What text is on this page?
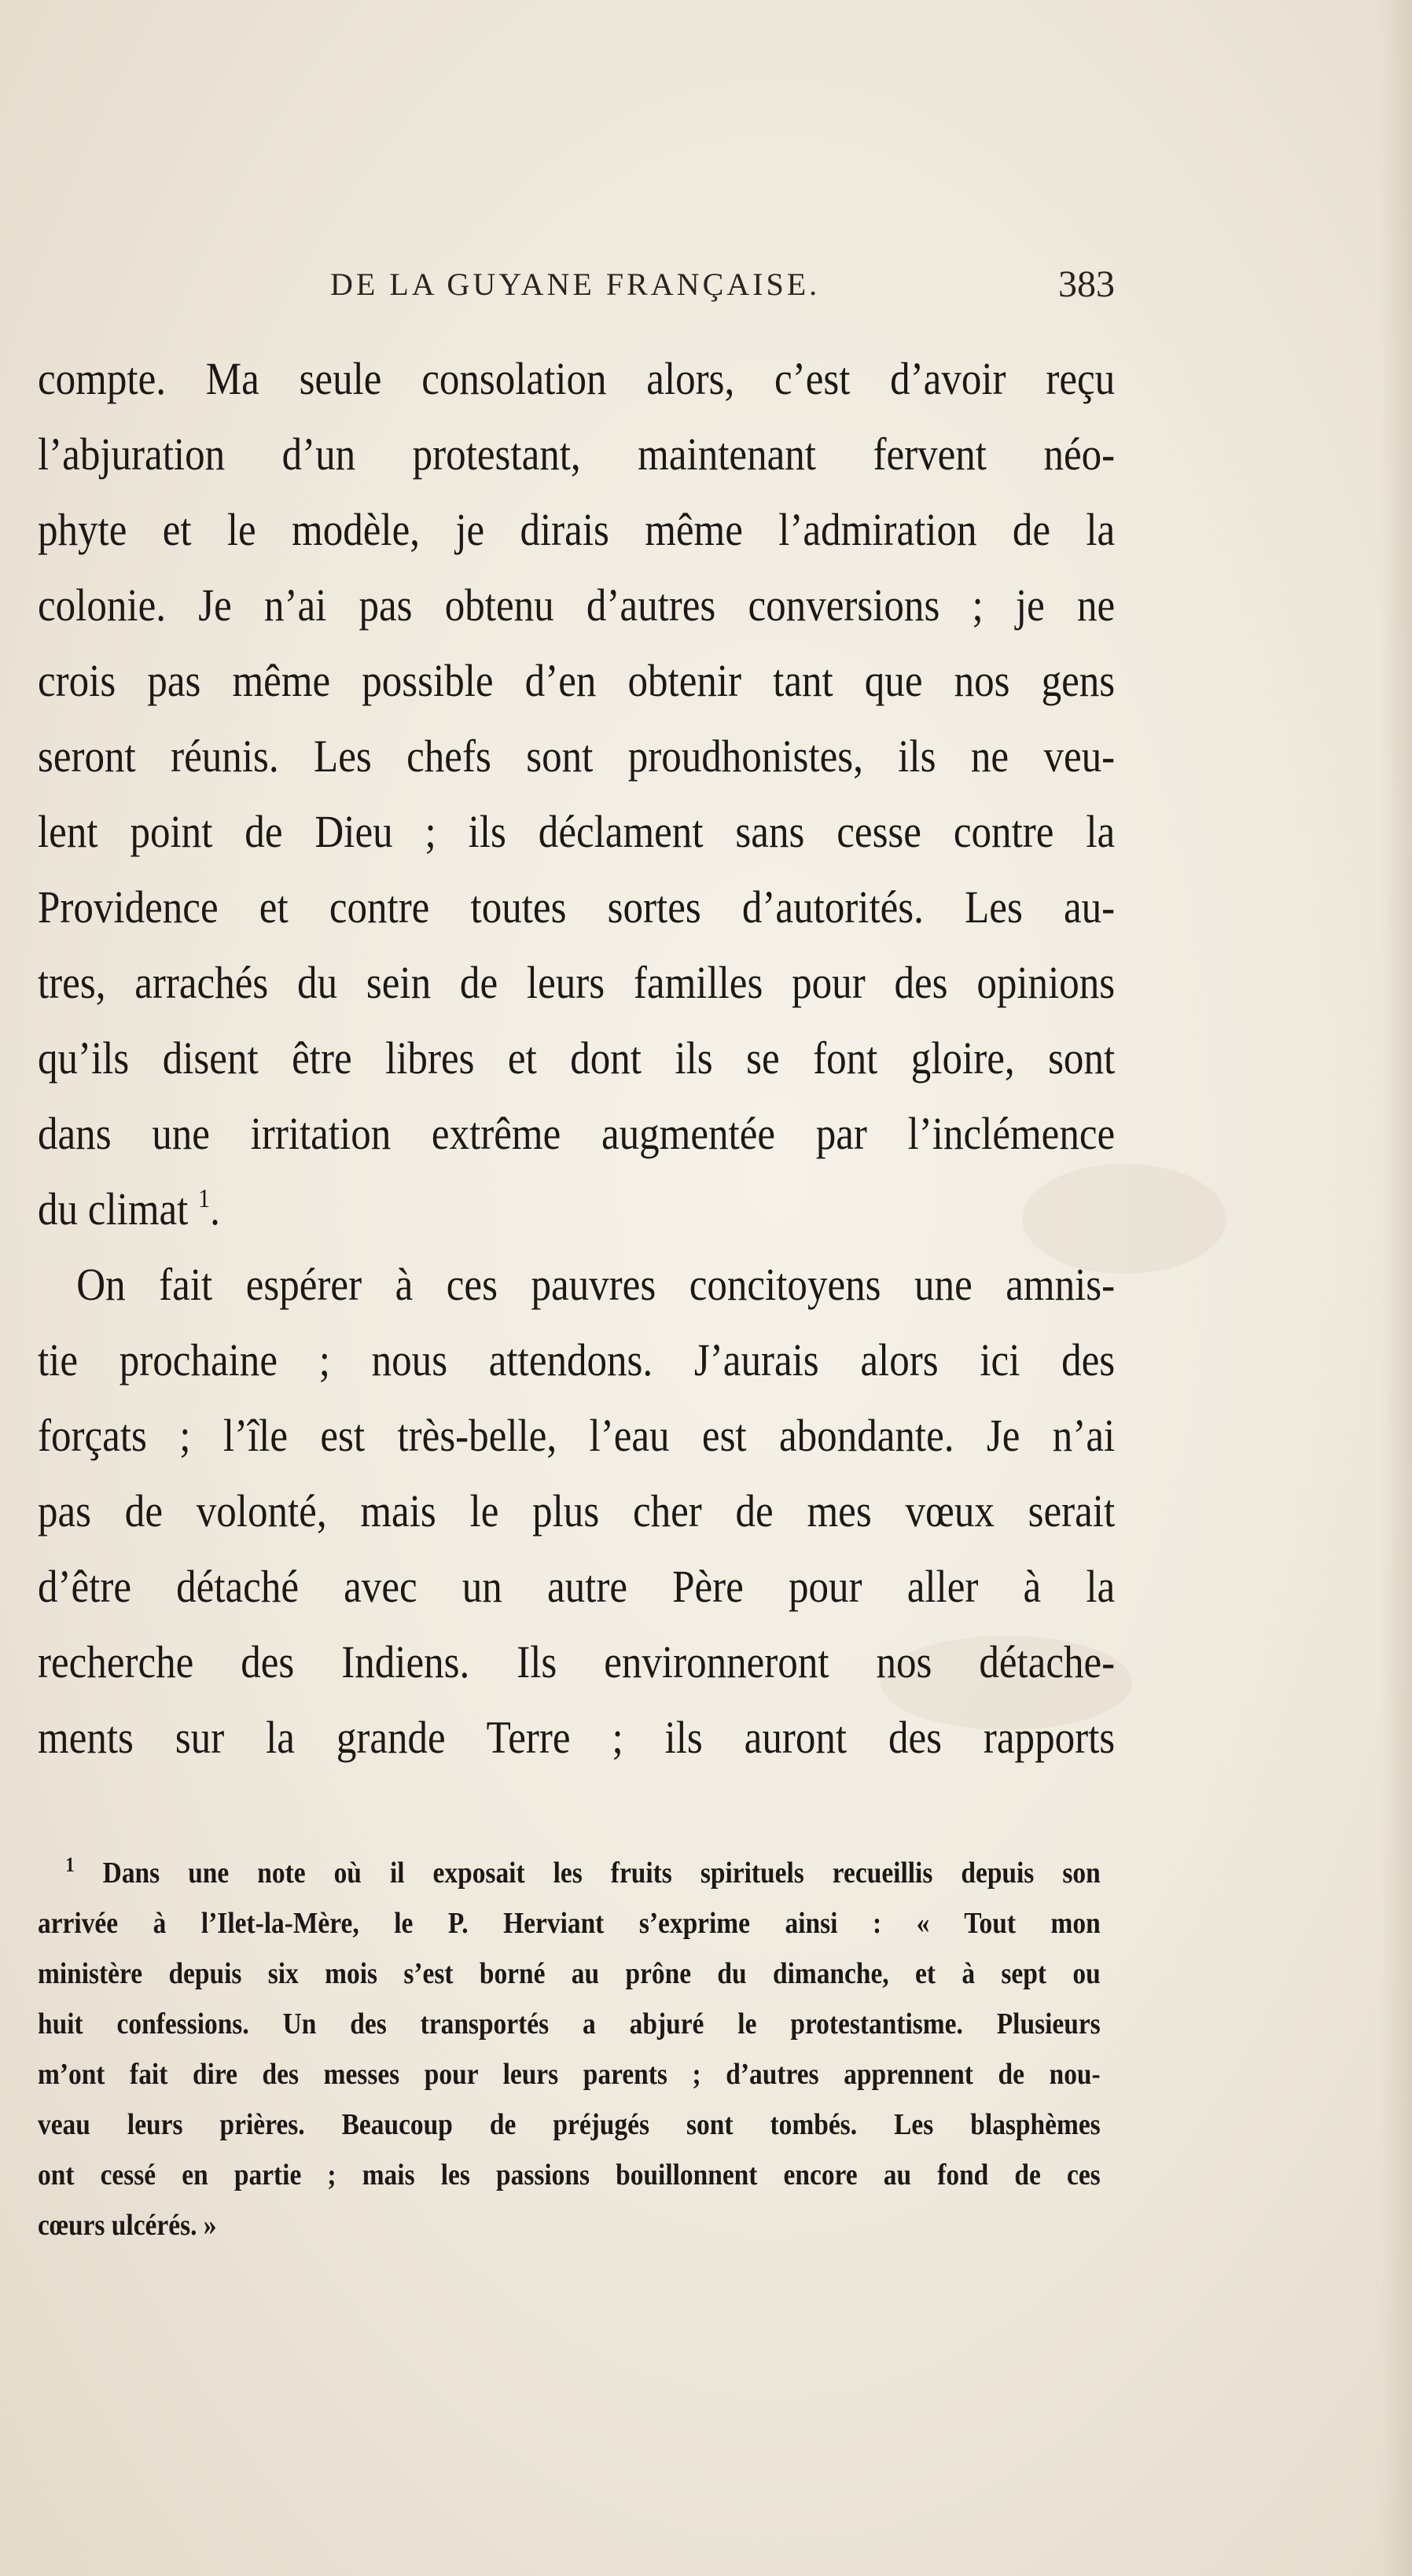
DE LA GUYANE FRANÇAISE.	383
compte. Ma seule consolation alors, c’est d’avoir reçu
l’abjuration d’un protestant, maintenant fervent néo-
phyte et le modèle, je dirais même l’admiration de la
colonie. Je n’ai pas obtenu d’autres conversions ; je ne
crois pas même possible d’en obtenir tant que nos gens
seront réunis. Les chefs sont proudhonistes, ils ne veu-
lent point de Dieu ; ils déclament sans cesse contre la
Providence et contre toutes sortes d’autorités. Les au-
tres, arrachés du sein de leurs familles pour des opinions
qu’ils disent être libres et dont ils se font gloire, sont
dans une irritation extrême augmentée par l’inclémence
du climat $^1$.
On fait espérer à ces pauvres concitoyens une amnis-
tie prochaine ; nous attendons. J’aurais alors ici des
forçats ; l’île est très-belle, l’eau est abondante. Je n’ai
pas de volonté, mais le plus cher de mes vœux serait
d’être détaché avec un autre Père pour aller à la
recherche des Indiens. Ils environneront nos détache-
ments sur la grande Terre ; ils auront des rapports
$^1$ Dans une note où il exposait les fruits spirituels recueillis depuis son
arrivée à l’Ilet-la-Mère, le P. Herviant s’exprime ainsi : « Tout mon
ministère depuis six mois s’est borné au prône du dimanche, et à sept ou
huit confessions. Un des transportés a abjuré le protestantisme. Plusieurs
m’ont fait dire des messes pour leurs parents ; d’autres apprennent de nou-
veau leurs prières. Beaucoup de préjugés sont tombés. Les blasphèmes
ont cessé en partie ; mais les passions bouillonnent encore au fond de ces
cœurs ulcérés. »
